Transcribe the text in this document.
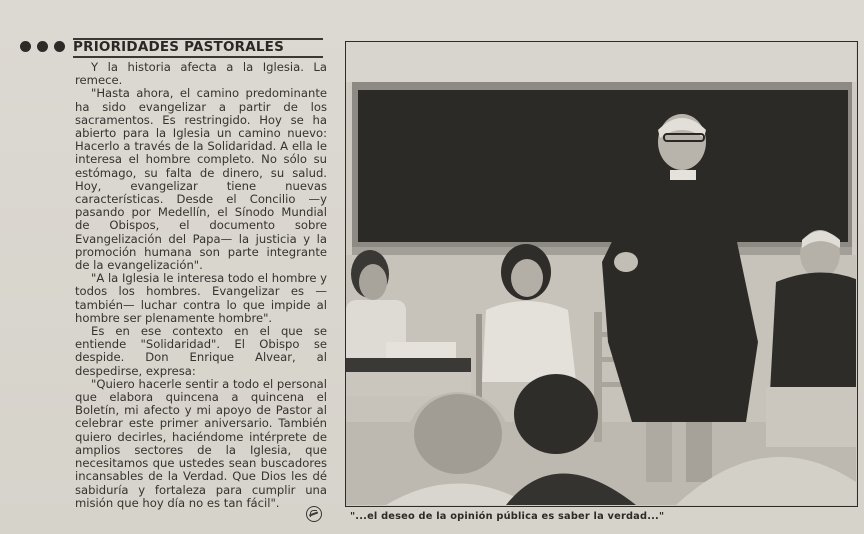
PRIORIDADES PASTORALES

Y la historia afecta a la Iglesia. La remece.

"Hasta ahora, el camino predominante ha sido evangelizar a partir de los sacramentos. Es restringido. Hoy se ha abierto para la Iglesia un camino nuevo: Hacerlo a través de la Solidaridad. A ella le interesa el hombre completo. No sólo su estómago, su falta de dinero, su salud. Hoy, evangelizar tiene nuevas características. Desde el Concilio —y pasando por Medellín, el Sínodo Mundial de Obispos, el documento sobre Evangelización del Papa— la justicia y la promoción humana son parte integrante de la evangelización".

"A la Iglesia le interesa todo el hombre y todos los hombres. Evangelizar es —también— luchar contra lo que impide al hombre ser plenamente hombre".

Es en ese contexto en el que se entiende "Solidaridad". El Obispo se despide. Don Enrique Alvear, al despedirse, expresa:

"Quiero hacerle sentir a todo el personal que elabora quincena a quincena el Boletín, mi afecto y mi apoyo de Pastor al celebrar este primer aniversario. También quiero decirles, haciéndome intérprete de amplios sectores de la Iglesia, que necesitamos que ustedes sean buscadores incansables de la Verdad. Que Dios les dé sabiduría y fortaleza para cumplir una misión que hoy día no es tan fácil".

"...el deseo de la opinión pública es saber la verdad..."
